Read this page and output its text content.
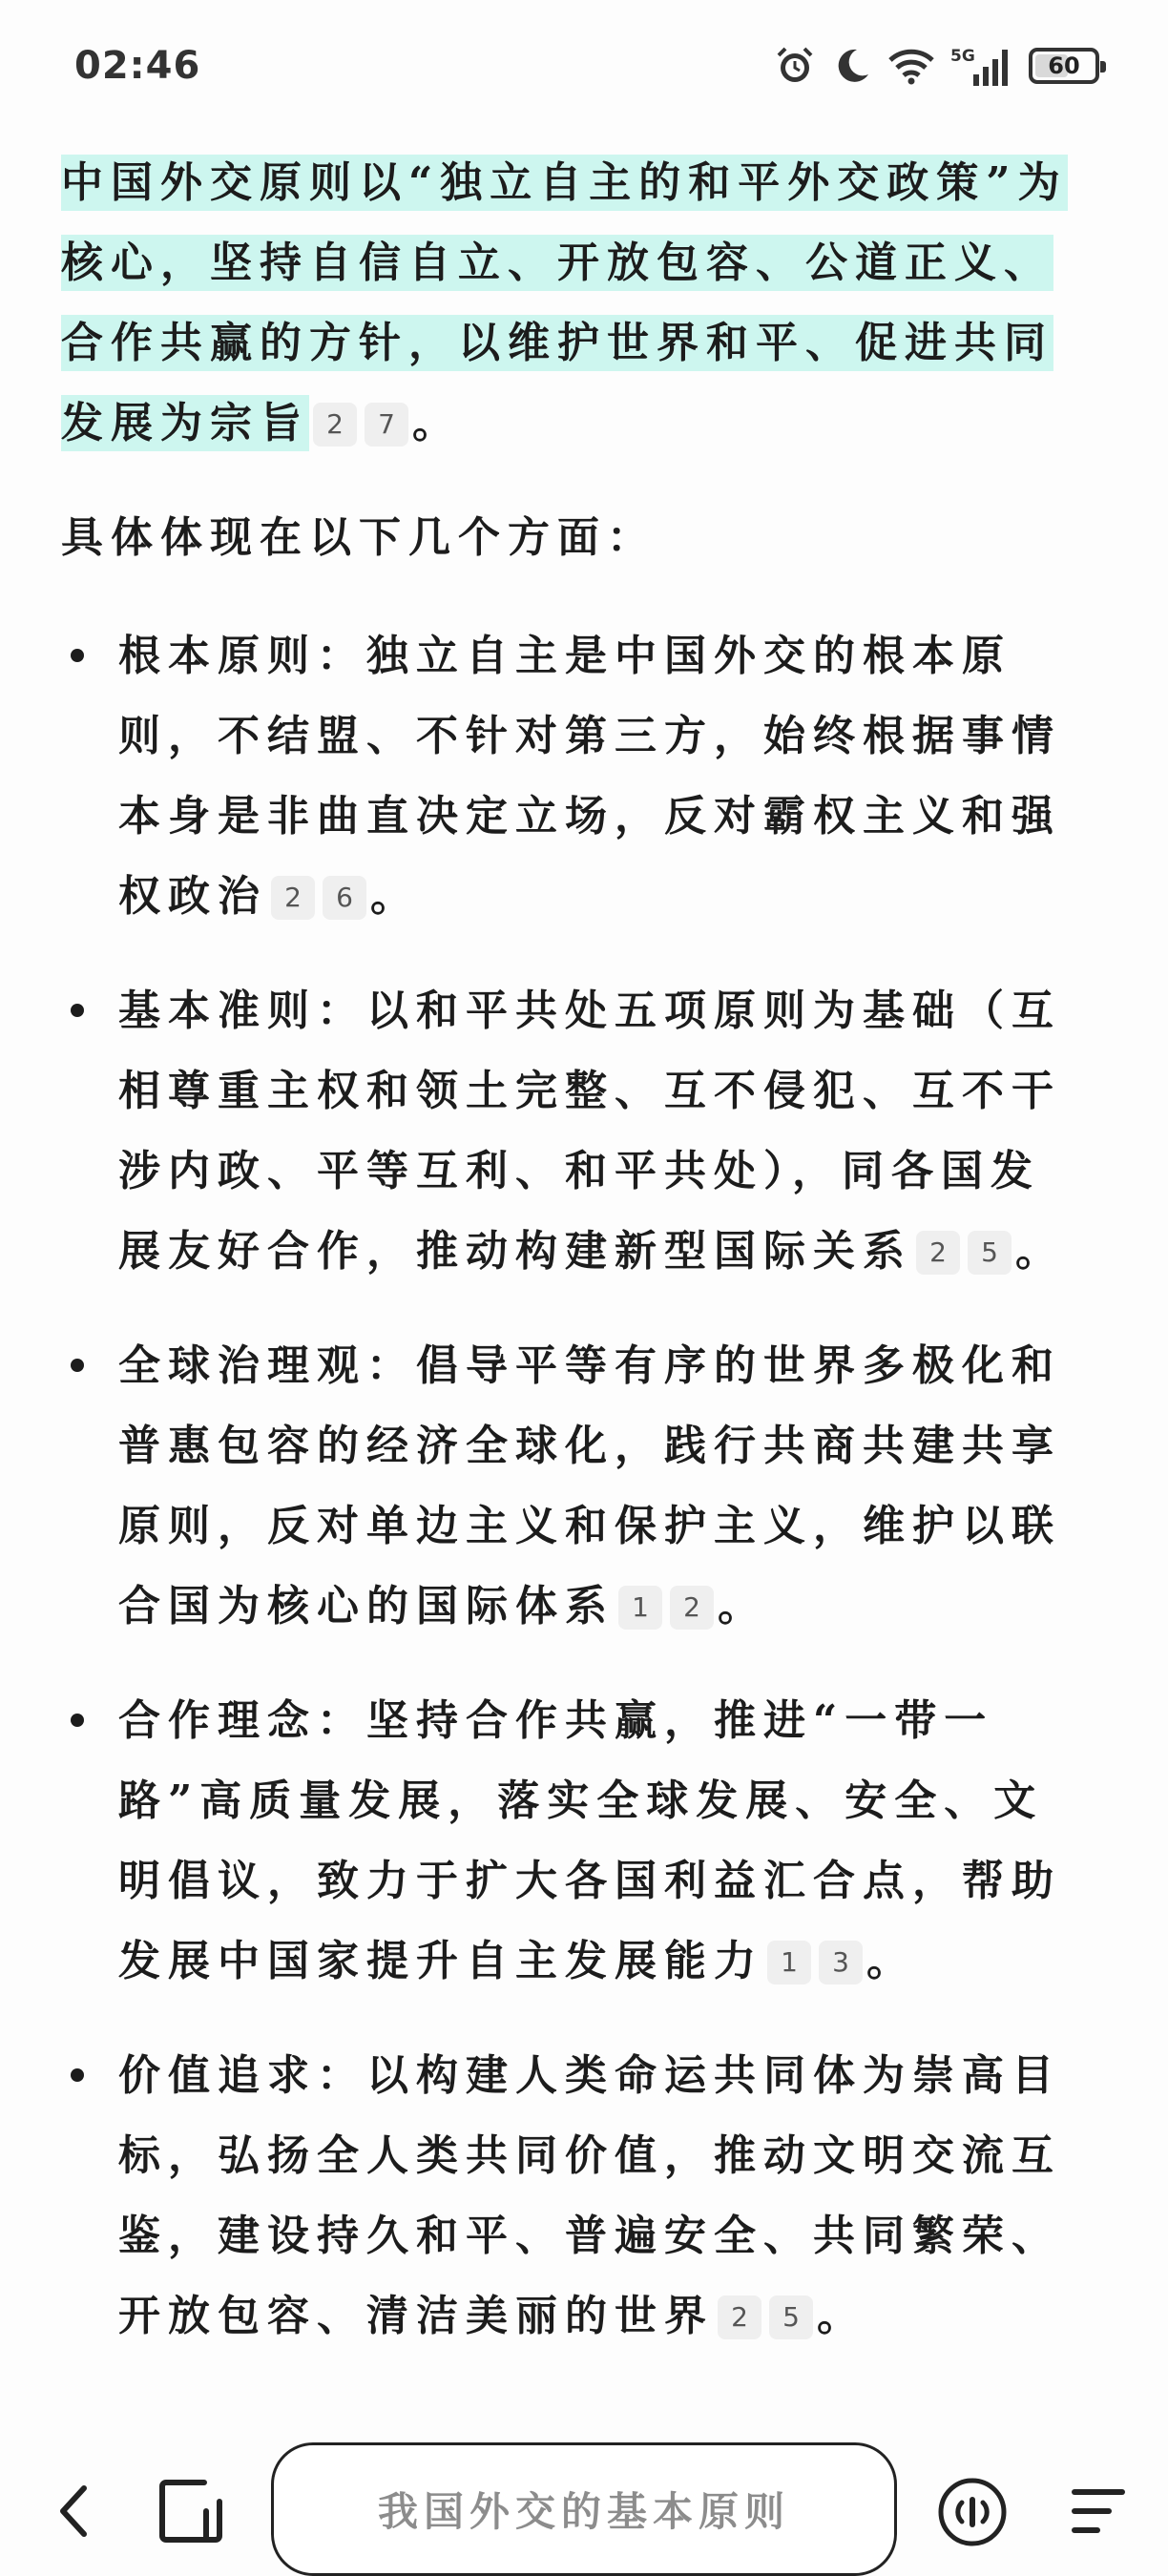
02:46	5G	60

中国外交原则以“独立自主的和平外交政策”为核心，坚持自信自立、开放包容、公道正义、合作共赢的方针，以维护世界和平、促进共同发展为宗旨 2 7 。

具体体现在以下几个方面：

根本原则：独立自主是中国外交的根本原则，不结盟、不针对第三方，始终根据事情本身是非曲直决定立场，反对霸权主义和强权政治 2 6 。
基本准则：以和平共处五项原则为基础（互相尊重主权和领土完整、互不侵犯、互不干涉内政、平等互利、和平共处），同各国发展友好合作，推动构建新型国际关系 2 5 。
全球治理观：倡导平等有序的世界多极化和普惠包容的经济全球化，践行共商共建共享原则，反对单边主义和保护主义，维护以联合国为核心的国际体系 1 2 。
合作理念：坚持合作共赢，推进“一带一路”高质量发展，落实全球发展、安全、文明倡议，致力于扩大各国利益汇合点，帮助发展中国家提升自主发展能力 1 3 。
价值追求：以构建人类命运共同体为崇高目标，弘扬全人类共同价值，推动文明交流互鉴，建设持久和平、普遍安全、共同繁荣、开放包容、清洁美丽的世界 2 5 。
我国外交的基本原则
